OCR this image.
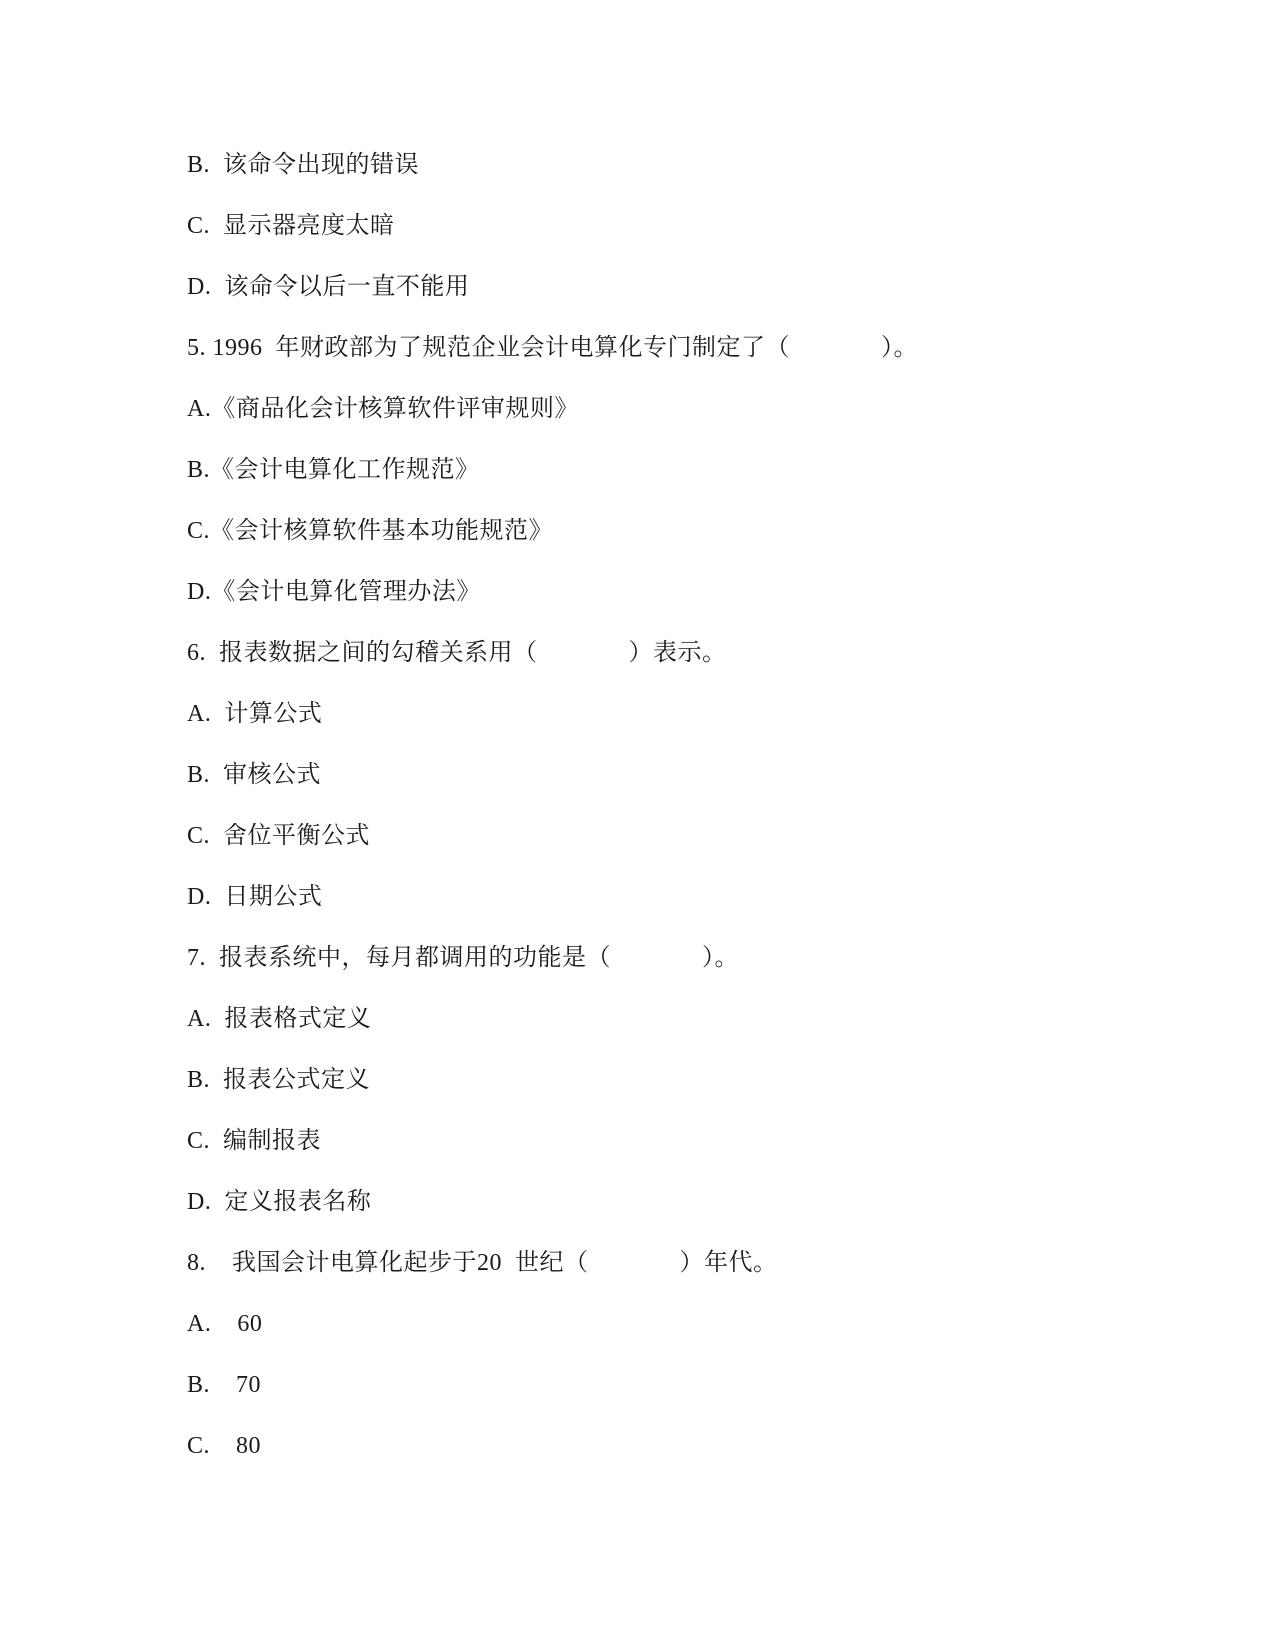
B.  该命令出现的错误
C.  显示器亮度太暗
D.  该命令以后一直不能用
5. 1996  年财政部为了规范企业会计电算化专门制定了（              ）。
A.《商品化会计核算软件评审规则》
B.《会计电算化工作规范》
C.《会计核算软件基本功能规范》
D.《会计电算化管理办法》
6.  报表数据之间的勾稽关系用（              ）表示。
A.  计算公式
B.  审核公式
C.  舍位平衡公式
D.  日期公式
7.  报表系统中，每月都调用的功能是（              ）。
A.  报表格式定义
B.  报表公式定义
C.  编制报表
D.  定义报表名称
8.    我国会计电算化起步于20  世纪（              ）年代。
A.    60
B.    70
C.    80
